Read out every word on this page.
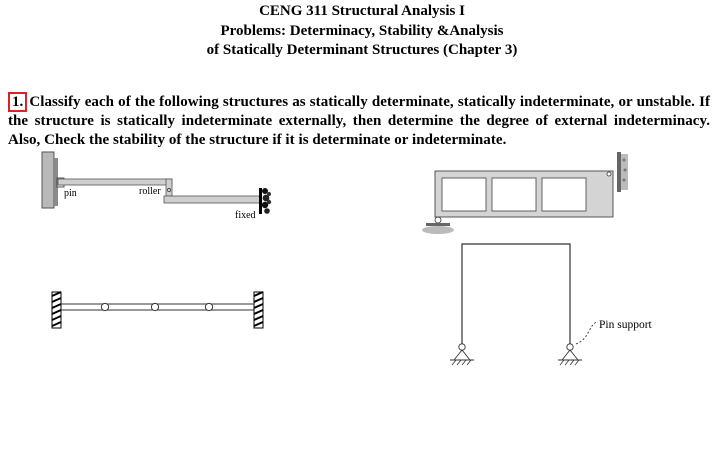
CENG 311 Structural Analysis I
Problems: Determinacy, Stability &Analysis
of Statically Determinant Structures (Chapter 3)
1. Classify each of the following structures as statically determinate, statically indeterminate, or unstable. If the structure is statically indeterminate externally, then determine the degree of external indeterminacy. Also, Check the stability of the structure if it is determinate or indeterminate.
pin	roller
fixed
Pin support
